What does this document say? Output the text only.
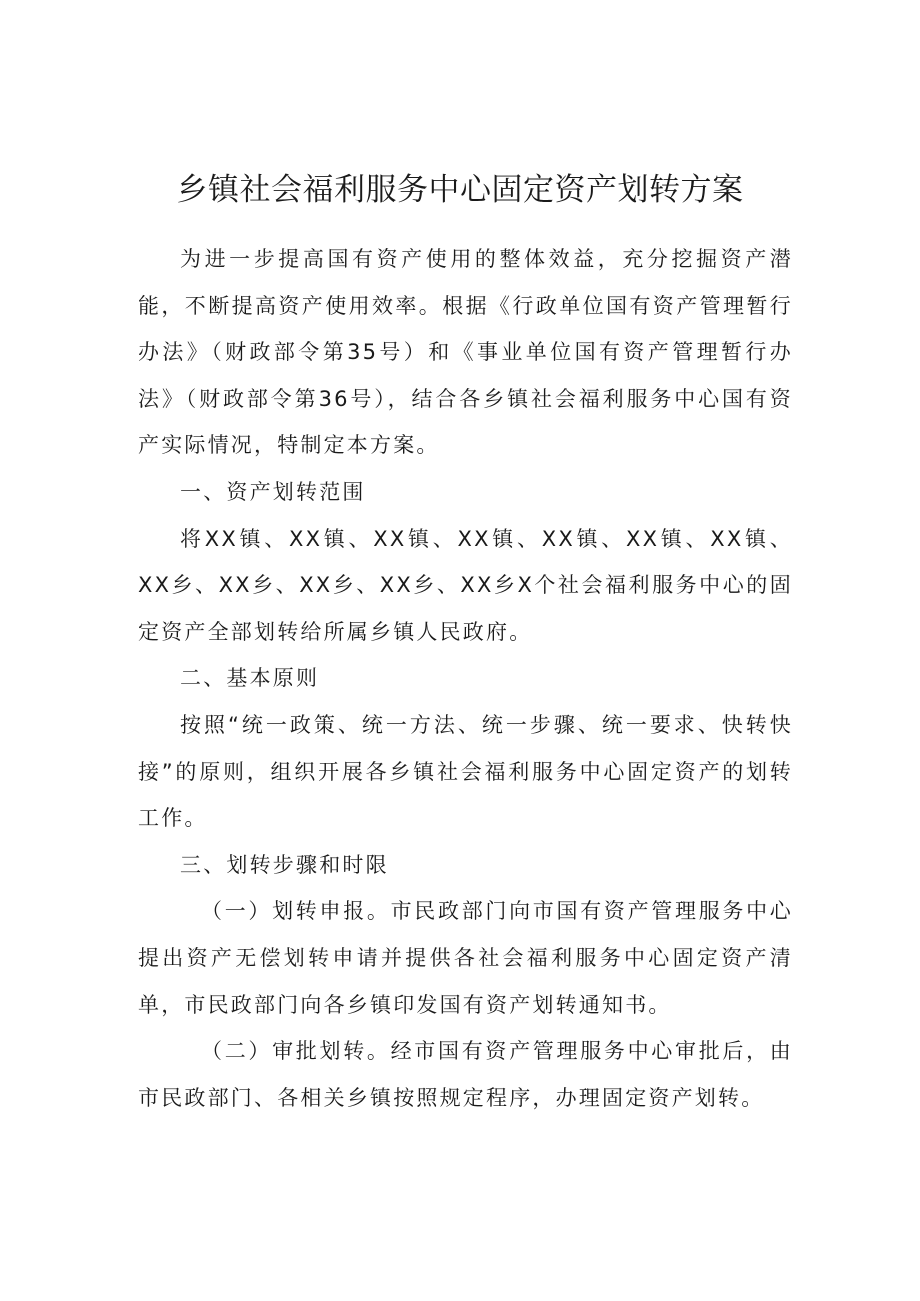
乡镇社会福利服务中心固定资产划转方案

为进一步提高国有资产使用的整体效益，充分挖掘资产潜能，不断提高资产使用效率。根据《行政单位国有资产管理暂行办法》（财政部令第35号）和《事业单位国有资产管理暂行办法》（财政部令第36号），结合各乡镇社会福利服务中心国有资产实际情况，特制定本方案。

一、资产划转范围

将XX镇、XX镇、XX镇、XX镇、XX镇、XX镇、XX镇、XX乡、XX乡、XX乡、XX乡、XX乡X个社会福利服务中心的固定资产全部划转给所属乡镇人民政府。

二、基本原则

按照“统一政策、统一方法、统一步骤、统一要求、快转快接”的原则，组织开展各乡镇社会福利服务中心固定资产的划转工作。

三、划转步骤和时限

（一）划转申报。市民政部门向市国有资产管理服务中心提出资产无偿划转申请并提供各社会福利服务中心固定资产清单，市民政部门向各乡镇印发国有资产划转通知书。

（二）审批划转。经市国有资产管理服务中心审批后，由市民政部门、各相关乡镇按照规定程序，办理固定资产划转。
